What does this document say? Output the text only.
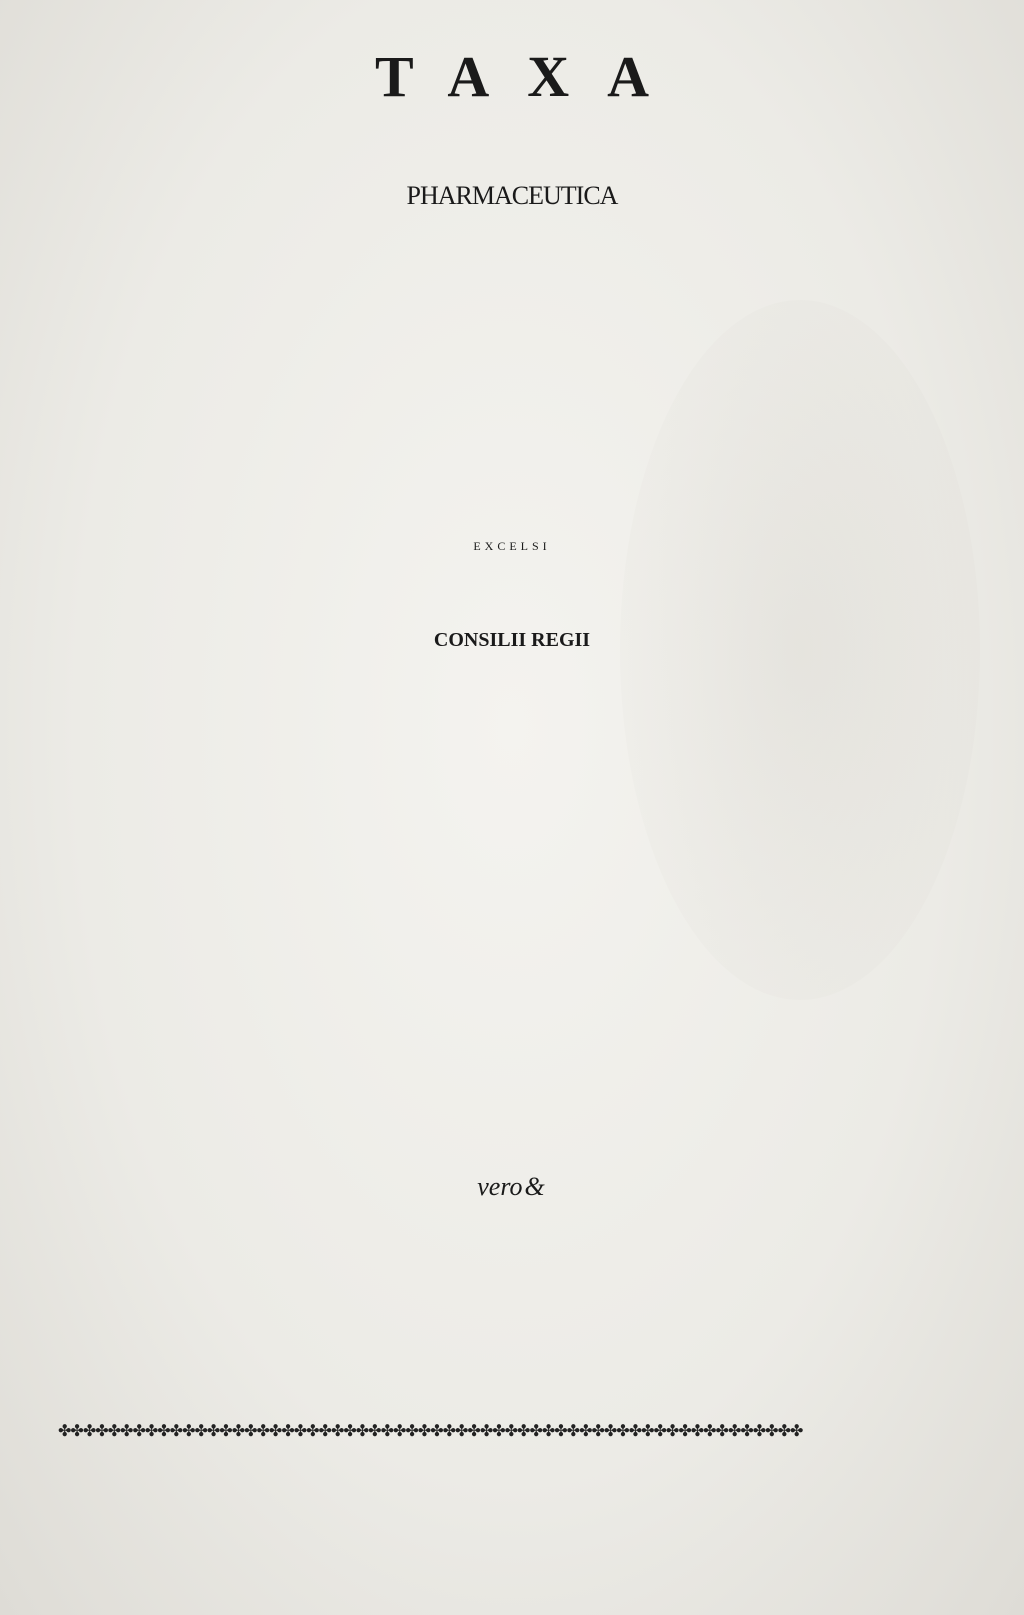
TAXA
PHARMACEUTICA
EXCELSI
CONSILII REGII
vero &
✤✤✤✤✤✤✤✤✤✤✤✤✤✤✤✤✤✤✤✤✤✤✤✤✤✤✤✤✤✤✤✤✤✤✤✤✤✤✤✤✤✤✤✤✤✤✤✤✤✤✤✤✤✤✤✤✤✤✤✤
